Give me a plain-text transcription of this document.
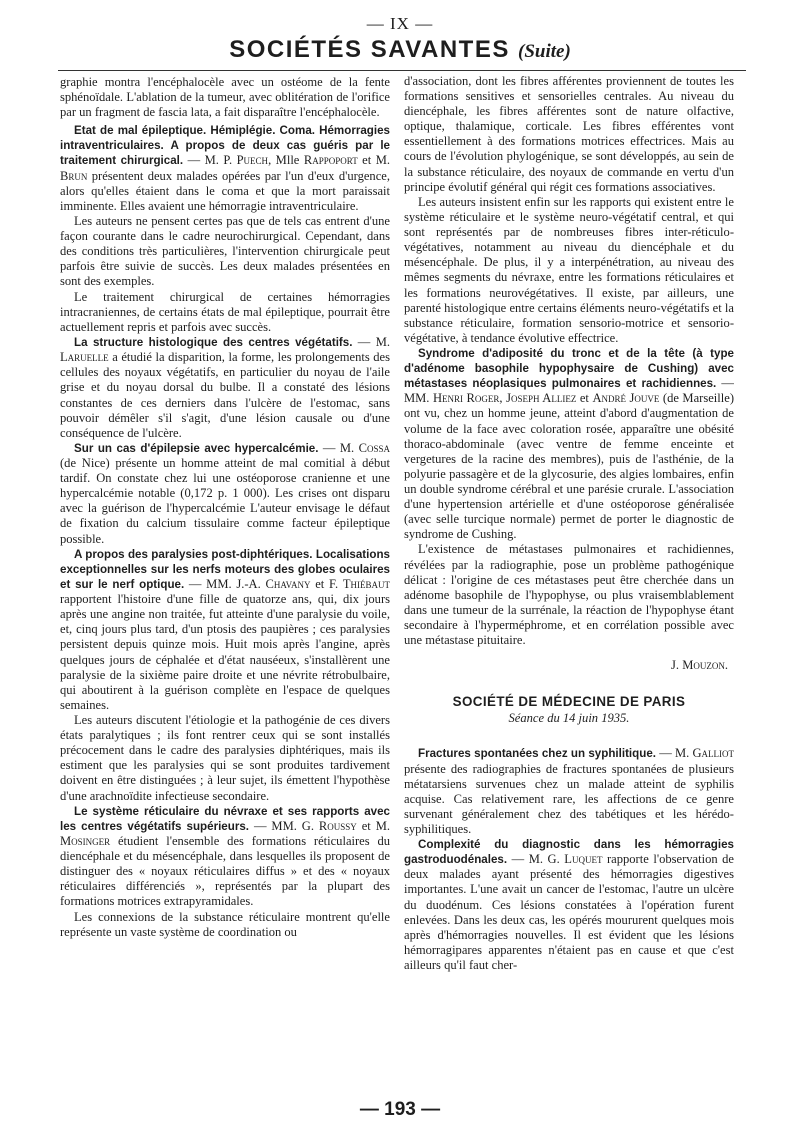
— IX —
SOCIÉTÉS SAVANTES (Suite)

graphie montra l'encéphalocèle avec un ostéome de la fente sphénoïdale. L'ablation de la tumeur, avec oblitération de l'orifice par un fragment de fascia lata, a fait disparaître l'encéphalocèle.

Etat de mal épileptique. Hémiplégie. Coma. Hémorragies intraventriculaires. A propos de deux cas guéris par le traitement chirurgical. — M. P. Puech, Mlle Rappoport et M. Brun présentent deux malades opérées par l'un d'eux d'urgence, alors qu'elles étaient dans le coma et que la mort paraissait imminente. Elles avaient une hémorragie intraventriculaire.

Les auteurs ne pensent certes pas que de tels cas entrent d'une façon courante dans le cadre neurochirurgical. Cependant, dans des conditions très particulières, l'intervention chirurgicale peut parfois être suivie de succès. Les deux malades présentées en sont des exemples.

Le traitement chirurgical de certaines hémorragies intracraniennes, de certains états de mal épileptique, pourrait être actuellement repris et parfois avec succès.

La structure histologique des centres végétatifs. — M. Laruelle a étudié la disparition, la forme, les prolongements des cellules des noyaux végétatifs, en particulier du noyau de l'aile grise et du noyau dorsal du bulbe. Il a constaté des lésions constantes de ces derniers dans l'ulcère de l'estomac, sans pouvoir démêler s'il s'agit, d'une lésion causale ou d'une conséquence de l'ulcère.

Sur un cas d'épilepsie avec hypercalcémie. — M. Cossa (de Nice) présente un homme atteint de mal comitial à début tardif. On constate chez lui une ostéoporose cranienne et une hypercalcémie notable (0,172 p. 1 000). Les crises ont disparu avec la guérison de l'hypercalcémie L'auteur envisage le défaut de fixation du calcium tissulaire comme facteur épileptique possible.

A propos des paralysies post-diphtériques. Localisations exceptionnelles sur les nerfs moteurs des globes oculaires et sur le nerf optique. — MM. J.-A. Chavany et F. Thiébaut rapportent l'histoire d'une fille de quatorze ans, qui, dix jours après une angine non traitée, fut atteinte d'une paralysie du voile, et, cinq jours plus tard, d'un ptosis des paupières ; ces paralysies persistent depuis quinze mois. Huit mois après l'angine, après quelques jours de céphalée et d'état nauséeux, s'installèrent une paralysie de la sixième paire droite et une névrite rétrobulbaire, qui aboutirent à la guérison complète en l'espace de quelques semaines.

Les auteurs discutent l'étiologie et la pathogénie de ces divers états paralytiques ; ils font rentrer ceux qui se sont installés précocement dans le cadre des paralysies diphtériques, mais ils estiment que les paralysies qui se sont produites tardivement doivent en être distinguées ; à leur sujet, ils émettent l'hypothèse d'une arachnoïdite infectieuse secondaire.

Le système réticulaire du névraxe et ses rapports avec les centres végétatifs supérieurs. — MM. G. Roussy et M. Mosinger étudient l'ensemble des formations réticulaires du diencéphale et du mésencéphale, dans lesquelles ils proposent de distinguer des « noyaux réticulaires diffus » et des « noyaux réticulaires différenciés », représentés par la plupart des formations motrices extrapyramidales.

Les connexions de la substance réticulaire montrent qu'elle représente un vaste système de coordination ou

d'association, dont les fibres afférentes proviennent de toutes les formations sensitives et sensorielles centrales. Au niveau du diencéphale, les fibres afférentes sont de nature olfactive, optique, thalamique, corticale. Les fibres efférentes vont essentiellement à des formations motrices effectrices. Mais au cours de l'évolution phylogénique, se sont développés, au sein de la substance réticulaire, des noyaux de commande en vertu d'un principe évolutif général qui régit ces formations associatives.

Les auteurs insistent enfin sur les rapports qui existent entre le système réticulaire et le système neuro-végétatif central, et qui sont représentés par de nombreuses fibres inter-réticulo-végétatives, notamment au niveau du diencéphale et du mésencéphale. De plus, il y a interpénétration, au niveau des mêmes segments du névraxe, entre les formations réticulaires et les formations neurovégétatives. Il existe, par ailleurs, une parenté histologique entre certains éléments neuro-végétatifs et la substance réticulaire, formation sensorio-motrice et sensorio-végétative, à tendance évolutive effectrice.

Syndrome d'adiposité du tronc et de la tête (à type d'adénome basophile hypophysaire de Cushing) avec métastases néoplasiques pulmonaires et rachidiennes. — MM. Henri Roger, Joseph Alliez et André Jouve (de Marseille) ont vu, chez un homme jeune, atteint d'abord d'augmentation de volume de la face avec coloration rosée, apparaître une obésité thoraco-abdominale (avec ventre de femme enceinte et vergetures de la racine des membres), puis de l'asthénie, de la polyurie passagère et de la glycosurie, des algies lombaires, enfin un double syndrome cérébral et une parésie crurale. L'association d'une hypertension artérielle et d'une ostéoporose généralisée (avec selle turcique normale) permet de porter le diagnostic de syndrome de Cushing.

L'existence de métastases pulmonaires et rachidiennes, révélées par la radiographie, pose un problème pathogénique délicat : l'origine de ces métastases peut être cherchée dans un adénome basophile de l'hypophyse, ou plus vraisemblablement dans une tumeur de la surrénale, la réaction de l'hypophyse étant secondaire à l'hyperméphrome, et en corrélation possible avec une métastase pituitaire.

J. Mouzon.
SOCIÉTÉ DE MÉDECINE DE PARIS
Séance du 14 juin 1935.

Fractures spontanées chez un syphilitique. — M. Galliot présente des radiographies de fractures spontanées de plusieurs métatarsiens survenues chez un malade atteint de syphilis acquise. Cas relativement rare, les affections de ce genre survenant généralement chez des tabétiques et les hérédo-syphilitiques.

Complexité du diagnostic dans les hémorragies gastroduodénales. — M. G. Luquet rapporte l'observation de deux malades ayant présenté des hémorragies digestives importantes. L'une avait un cancer de l'estomac, l'autre un ulcère du duodénum. Ces lésions constatées à l'opération furent enlevées. Dans les deux cas, les opérés moururent quelques mois après d'hémorragies nouvelles. Il est évident que les lésions hémorragipares apparentes n'étaient pas en cause et que c'est ailleurs qu'il faut cher-

— 193 —
